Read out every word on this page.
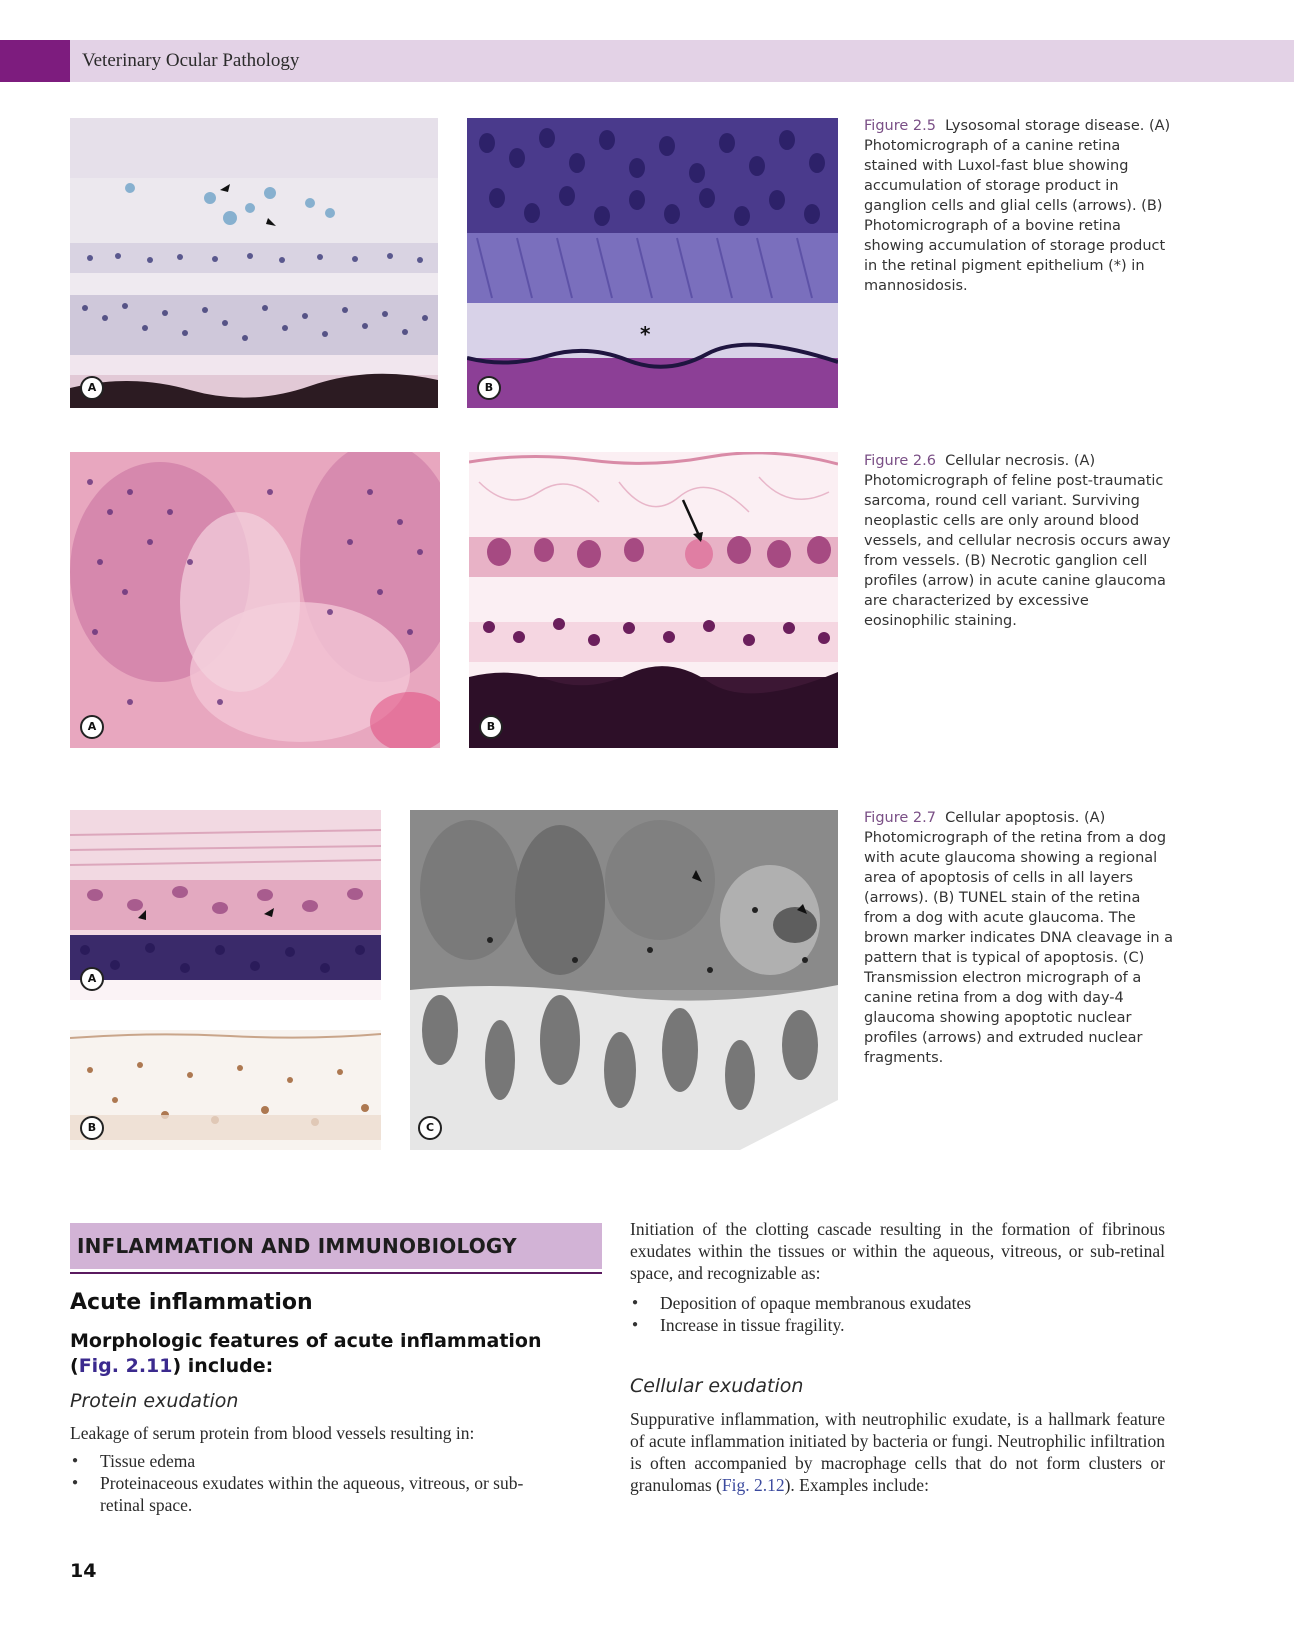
Veterinary Ocular Pathology
A
*
B
Figure 2.5 Lysosomal storage disease. (A) Photomicrograph of a canine retina stained with Luxol-fast blue showing accumulation of storage product in ganglion cells and glial cells (arrows). (B) Photomicrograph of a bovine retina showing accumulation of storage product in the retinal pigment epithelium (*) in mannosidosis.
A	B
Figure 2.6 Cellular necrosis. (A) Photomicrograph of feline post-traumatic sarcoma, round cell variant. Surviving neoplastic cells are only around blood vessels, and cellular necrosis occurs away from vessels. (B) Necrotic ganglion cell profiles (arrow) in acute canine glaucoma are characterized by excessive eosinophilic staining.
A
B	C
Figure 2.7 Cellular apoptosis. (A) Photomicrograph of the retina from a dog with acute glaucoma showing a regional area of apoptosis of cells in all layers (arrows). (B) TUNEL stain of the retina from a dog with acute glaucoma. The brown marker indicates DNA cleavage in a pattern that is typical of apoptosis. (C) Transmission electron micrograph of a canine retina from a dog with day-4 glaucoma showing apoptotic nuclear profiles (arrows) and extruded nuclear fragments.
INFLAMMATION AND IMMUNOBIOLOGY
Acute inflammation
Morphologic features of acute inflammation (Fig. 2.11) include:
Protein exudation
Leakage of serum protein from blood vessels resulting in:
● Tissue edema
● Proteinaceous exudates within the aqueous, vitreous, or sub-retinal space.
Initiation of the clotting cascade resulting in the formation of fibrinous exudates within the tissues or within the aqueous, vitreous, or sub-retinal space, and recognizable as:
● Deposition of opaque membranous exudates
● Increase in tissue fragility.
Cellular exudation
Suppurative inflammation, with neutrophilic exudate, is a hallmark feature of acute inflammation initiated by bacteria or fungi. Neutrophilic infiltration is often accompanied by macrophage cells that do not form clusters or granulomas (Fig. 2.12). Examples include:
14
